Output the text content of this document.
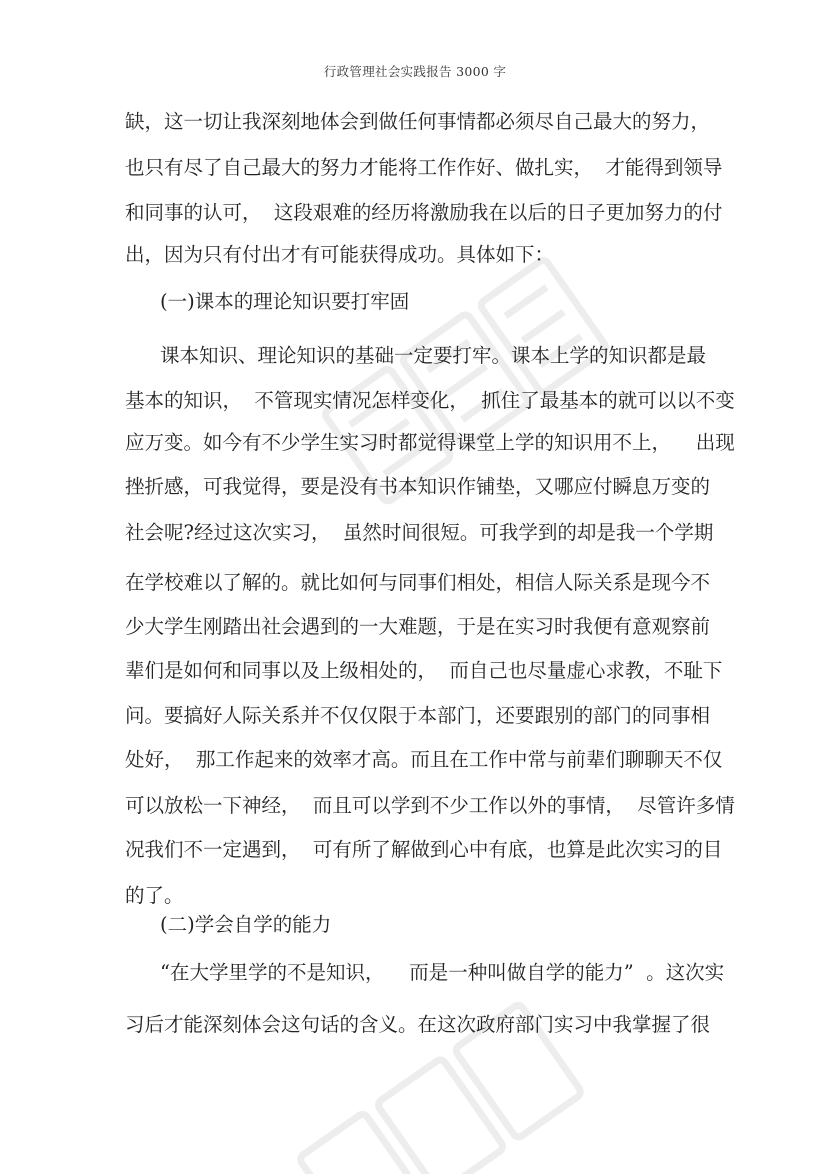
行政管理社会实践报告 3000 字
缺，这一切让我深刻地体会到做任何事情都必须尽自己最大的努力，
也只有尽了自己最大的努力才能将工作作好、做扎实，  才能得到领导
和同事的认可，  这段艰难的经历将激励我在以后的日子更加努力的付
出，因为只有付出才有可能获得成功。具体如下：
(一)课本的理论知识要打牢固
课本知识、理论知识的基础一定要打牢。课本上学的知识都是最
基本的知识，  不管现实情况怎样变化，  抓住了最基本的就可以以不变
应万变。如今有不少学生实习时都觉得课堂上学的知识用不上，    出现
挫折感，可我觉得，要是没有书本知识作铺垫，又哪应付瞬息万变的
社会呢?经过这次实习，  虽然时间很短。可我学到的却是我一个学期
在学校难以了解的。就比如何与同事们相处，相信人际关系是现今不
少大学生刚踏出社会遇到的一大难题，于是在实习时我便有意观察前
辈们是如何和同事以及上级相处的，  而自己也尽量虚心求教，不耻下
问。要搞好人际关系并不仅仅限于本部门，还要跟别的部门的同事相
处好，  那工作起来的效率才高。而且在工作中常与前辈们聊聊天不仅
可以放松一下神经，  而且可以学到不少工作以外的事情，  尽管许多情
况我们不一定遇到，  可有所了解做到心中有底，也算是此次实习的目
的了。
(二)学会自学的能力
“在大学里学的不是知识，    而是一种叫做自学的能力”  。这次实
习后才能深刻体会这句话的含义。在这次政府部门实习中我掌握了很
